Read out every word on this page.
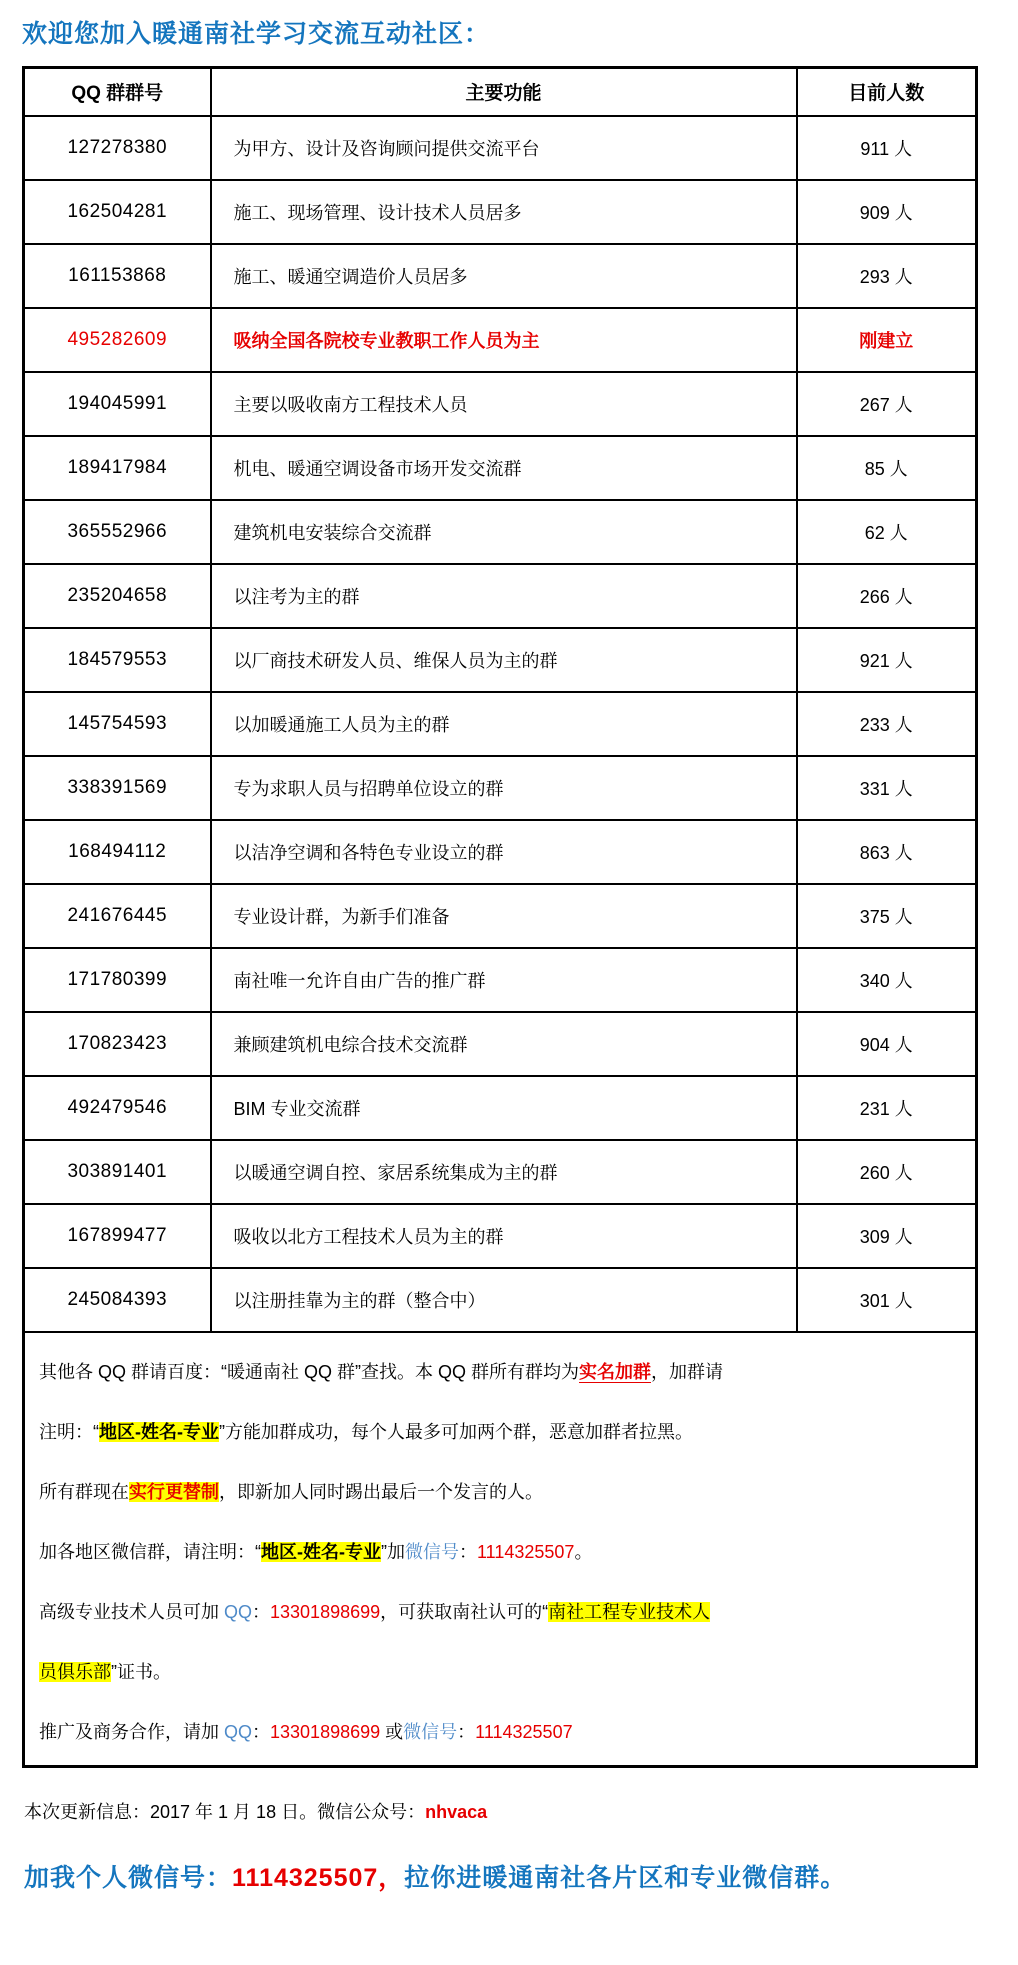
欢迎您加入暖通南社学习交流互动社区：
QQ 群群号	主要功能	目前人数
127278380	为甲方、设计及咨询顾问提供交流平台	911 人
162504281	施工、现场管理、设计技术人员居多	909 人
161153868	施工、暖通空调造价人员居多	293 人
495282609	吸纳全国各院校专业教职工作人员为主	刚建立
194045991	主要以吸收南方工程技术人员	267 人
189417984	机电、暖通空调设备市场开发交流群	85 人
365552966	建筑机电安装综合交流群	62 人
235204658	以注考为主的群	266 人
184579553	以厂商技术研发人员、维保人员为主的群	921 人
145754593	以加暖通施工人员为主的群	233 人
338391569	专为求职人员与招聘单位设立的群	331 人
168494112	以洁净空调和各特色专业设立的群	863 人
241676445	专业设计群，为新手们准备	375 人
171780399	南社唯一允许自由广告的推广群	340 人
170823423	兼顾建筑机电综合技术交流群	904 人
492479546	BIM 专业交流群	231 人
303891401	以暖通空调自控、家居系统集成为主的群	260 人
167899477	吸收以北方工程技术人员为主的群	309 人
245084393	以注册挂靠为主的群（整合中）	301 人

其他各 QQ 群请百度：“暖通南社 QQ 群”查找。本 QQ 群所有群均为实名加群，加群请

注明：“地区-姓名-专业”方能加群成功，每个人最多可加两个群，恶意加群者拉黑。

所有群现在实行更替制，即新加人同时踢出最后一个发言的人。

加各地区微信群，请注明：“地区-姓名-专业”加微信号：1114325507。

高级专业技术人员可加 QQ：13301898699，可获取南社认可的“南社工程专业技术人

员俱乐部”证书。

推广及商务合作，请加 QQ：13301898699 或微信号：1114325507

本次更新信息：2017 年 1 月 18 日。微信公众号：nhvaca

加我个人微信号：1114325507，拉你进暖通南社各片区和专业微信群。
